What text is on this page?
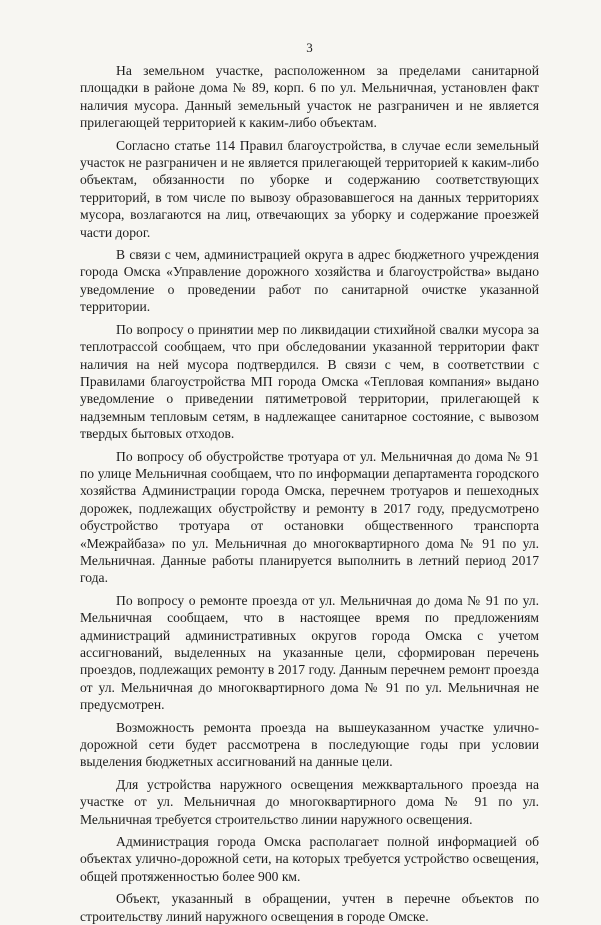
3

На земельном участке, расположенном за пределами санитарной площадки в районе дома № 89, корп. 6 по ул. Мельничная, установлен факт наличия мусора. Данный земельный участок не разграничен и не является прилегающей территорией к каким-либо объектам.

Согласно статье 114 Правил благоустройства, в случае если земельный участок не разграничен и не является прилегающей территорией к каким-либо объектам, обязанности по уборке и содержанию соответствующих территорий, в том числе по вывозу образовавшегося на данных территориях мусора, возлагаются на лиц, отвечающих за уборку и содержание проезжей части дорог.

В связи с чем, администрацией округа в адрес бюджетного учреждения города Омска «Управление дорожного хозяйства и благоустройства» выдано уведомление о проведении работ по санитарной очистке указанной территории.

По вопросу о принятии мер по ликвидации стихийной свалки мусора за теплотрассой сообщаем, что при обследовании указанной территории факт наличия на ней мусора подтвердился. В связи с чем, в соответствии с Правилами благоустройства МП города Омска «Тепловая компания» выдано уведомление о приведении пятиметровой территории, прилегающей к надземным тепловым сетям, в надлежащее санитарное состояние, с вывозом твердых бытовых отходов.

По вопросу об обустройстве тротуара от ул. Мельничная до дома № 91 по улице Мельничная сообщаем, что по информации департамента городского хозяйства Администрации города Омска, перечнем тротуаров и пешеходных дорожек, подлежащих обустройству и ремонту в 2017 году, предусмотрено обустройство тротуара от остановки общественного транспорта «Межрайбаза» по ул. Мельничная до многоквартирного дома № 91 по ул. Мельничная. Данные работы планируется выполнить в летний период 2017 года.

По вопросу о ремонте проезда от ул. Мельничная до дома № 91 по ул. Мельничная сообщаем, что в настоящее время по предложениям администраций административных округов города Омска с учетом ассигнований, выделенных на указанные цели, сформирован перечень проездов, подлежащих ремонту в 2017 году. Данным перечнем ремонт проезда от ул. Мельничная до многоквартирного дома № 91 по ул. Мельничная не предусмотрен.

Возможность ремонта проезда на вышеуказанном участке улично-дорожной сети будет рассмотрена в последующие годы при условии выделения бюджетных ассигнований на данные цели.

Для устройства наружного освещения межквартального проезда на участке от ул. Мельничная до многоквартирного дома № 91 по ул. Мельничная требуется строительство линии наружного освещения.

Администрация города Омска располагает полной информацией об объектах улично-дорожной сети, на которых требуется устройство освещения, общей протяженностью более 900 км.

Объект, указанный в обращении, учтен в перечне объектов по строительству линий наружного освещения в городе Омске.
